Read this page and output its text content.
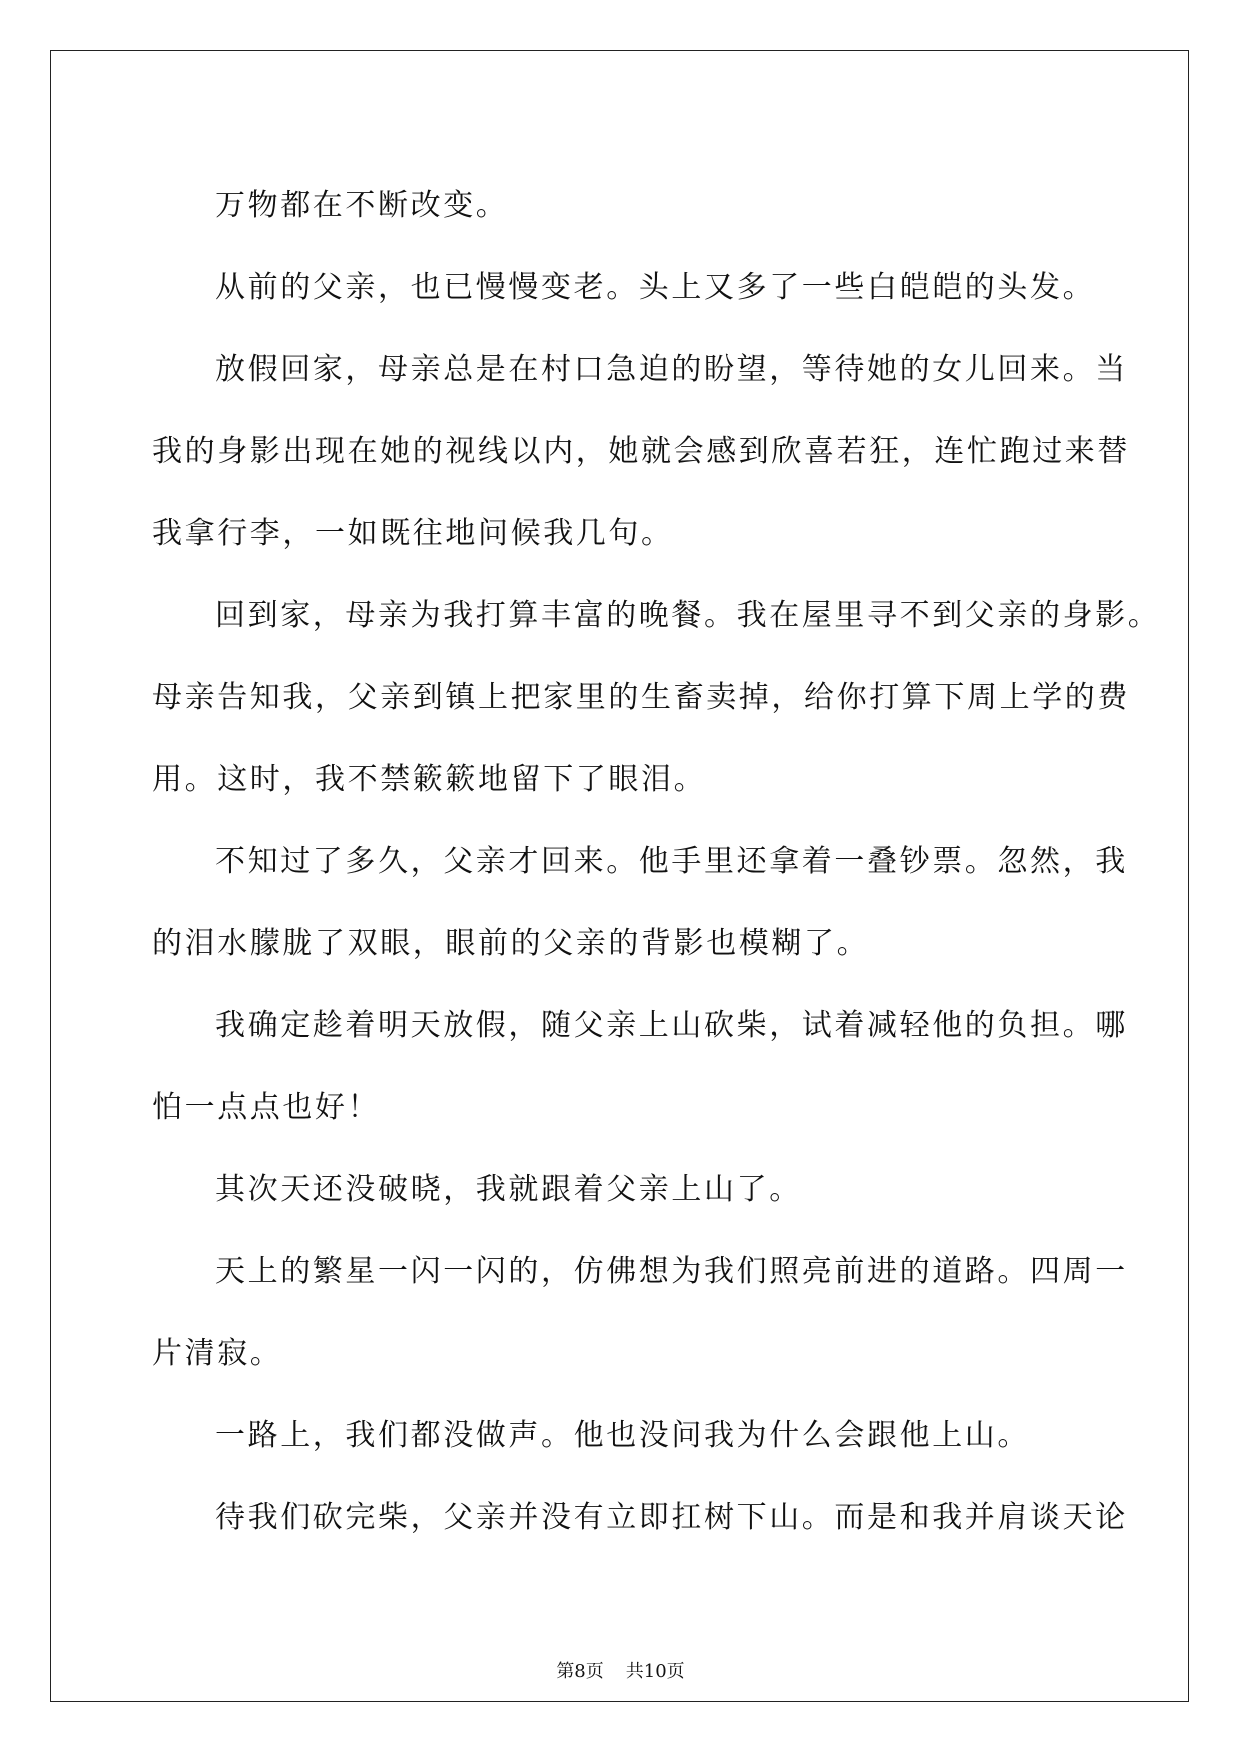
万物都在不断改变。

从前的父亲，也已慢慢变老。头上又多了一些白皑皑的头发。

放假回家，母亲总是在村口急迫的盼望，等待她的女儿回来。当
我的身影出现在她的视线以内，她就会感到欣喜若狂，连忙跑过来替
我拿行李，一如既往地问候我几句。

回到家，母亲为我打算丰富的晚餐。我在屋里寻不到父亲的身影。
母亲告知我，父亲到镇上把家里的生畜卖掉，给你打算下周上学的费
用。这时，我不禁簌簌地留下了眼泪。

不知过了多久，父亲才回来。他手里还拿着一叠钞票。忽然，我
的泪水朦胧了双眼，眼前的父亲的背影也模糊了。

我确定趁着明天放假，随父亲上山砍柴，试着减轻他的负担。哪
怕一点点也好！

其次天还没破晓，我就跟着父亲上山了。

天上的繁星一闪一闪的，仿佛想为我们照亮前进的道路。四周一
片清寂。

一路上，我们都没做声。他也没问我为什么会跟他上山。

待我们砍完柴，父亲并没有立即扛树下山。而是和我并肩谈天论

第8页 共10页
